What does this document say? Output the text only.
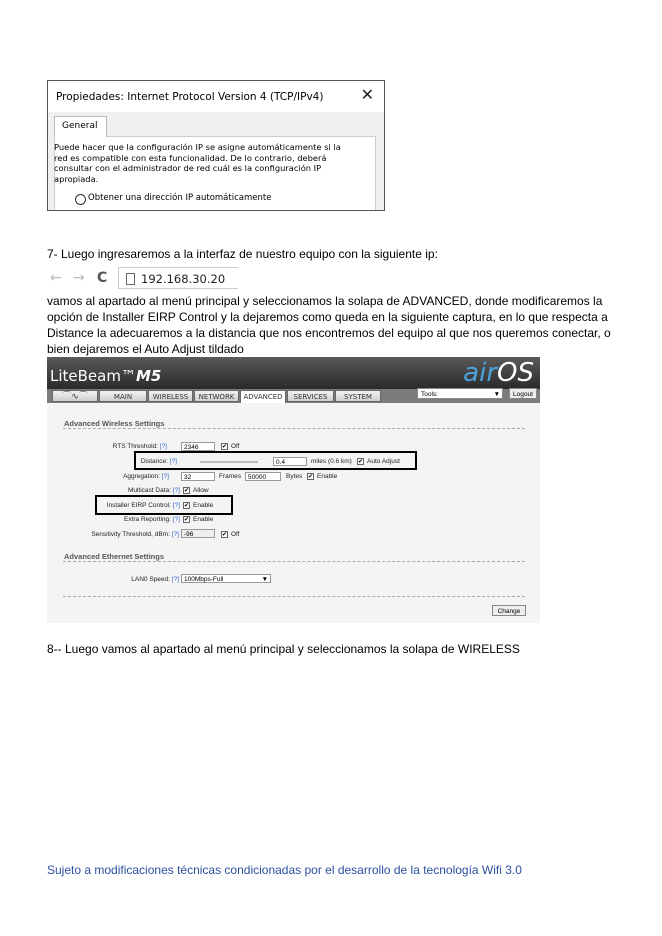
Propiedades: Internet Protocol Version 4 (TCP/IPv4) ✕
General
Puede hacer que la configuración IP se asigne automáticamente si la red es compatible con esta funcionalidad. De lo contrario, deberá consultar con el administrador de red cuál es la configuración IP apropiada.
Obtener una dirección IP automáticamente
7- Luego ingresaremos a la interfaz de nuestro equipo con la siguiente ip:
← → C	192.168.30.20
vamos al apartado al menú principal y seleccionamos la solapa de ADVANCED, donde modificaremos la opción de Installer EIRP Control y la dejaremos como queda en la siguiente captura, en lo que respecta a Distance la adecuaremos a la distancia que nos encontremos del equipo al que nos queremos conectar, o bien dejaremos el Auto Adjust tildado
LiteBeam™M5	airOS
⌒∿⌒	MAIN	WIRELESS	NETWORK	ADVANCED	SERVICES	SYSTEM	Tools:	▼	Logout
Advanced Wireless Settings
RTS Threshold: [?]	2346	✔ Off
Distance: [?]	0.4	miles (0.6 km) ✔ Auto Adjust
Aggregation: [?]	32	Frames	50000	Bytes ✔ Enable
Multicast Data: [?] ✔ Allow
Installer EIRP Control: [?] ✔ Enable
Extra Reporting: [?] ✔ Enable
Sensitivity Threshold, dBm: [?] -96	✔ Off
Advanced Ethernet Settings
LAN0 Speed: [?] 100Mbps-Full	▼
Change
8-- Luego vamos al apartado al menú principal y seleccionamos la solapa de WIRELESS
Sujeto a modificaciones técnicas condicionadas por el desarrollo de la tecnología Wifi 3.0
